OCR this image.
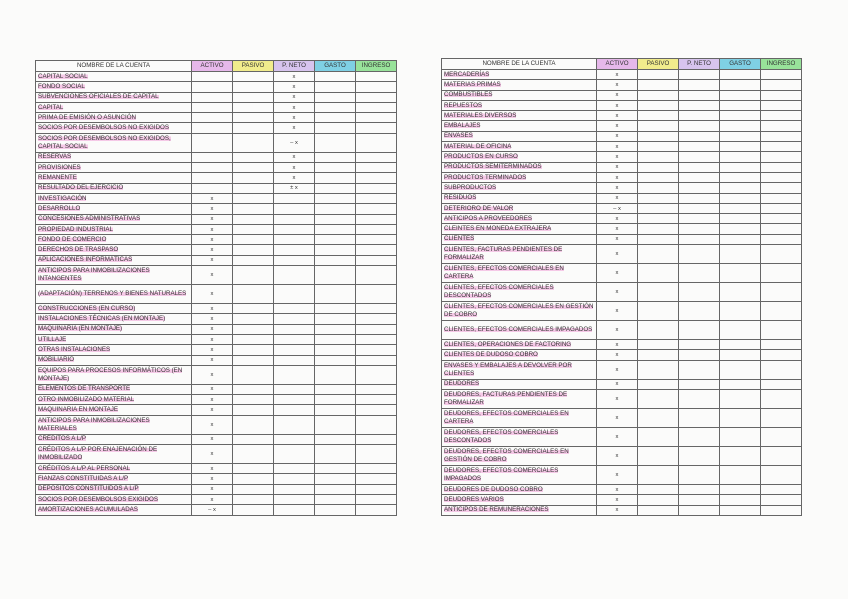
NOMBRE DE LA CUENTA	ACTIVO	PASIVO	P. NETO	GASTO	INGRESO
CAPITAL SOCIAL			x		
FONDO SOCIAL			x		
SUBVENCIONES OFICIALES DE CAPITAL			x		
CAPITAL			x		
PRIMA DE EMISIÓN O ASUNCIÓN			x		
SOCIOS POR DESEMBOLSOS NO EXIGIDOS			x		
SOCIOS POR DESEMBOLSOS NO EXIGIDOS, CAPITAL SOCIAL			– x		
RESERVAS			x		
PROVISIONES			x		
REMANENTE			x		
RESULTADO DEL EJERCICIO			± x		
INVESTIGACIÓN	x				
DESARROLLO	x				
CONCESIONES ADMINISTRATIVAS	x				
PROPIEDAD INDUSTRIAL	x				
FONDO DE COMERCIO	x				
DERECHOS DE TRASPASO	x				
APLICACIONES INFORMÁTICAS	x				
ANTICIPOS PARA INMOBILIZACIONES INTANGENTES	x				
(ADAPTACIÓN) TERRENOS Y BIENES NATURALES	x				
CONSTRUCCIONES (EN CURSO)	x				
INSTALACIONES TÉCNICAS (EN MONTAJE)	x				
MAQUINARIA (EN MONTAJE)	x				
UTILLAJE	x				
OTRAS INSTALACIONES	x				
MOBILIARIO	x				
EQUIPOS PARA PROCESOS INFORMÁTICOS (EN MONTAJE)	x				
ELEMENTOS DE TRANSPORTE	x				
OTRO INMOBILIZADO MATERIAL	x				
MAQUINARIA EN MONTAJE	x				
ANTICIPOS PARA INMOBILIZACIONES MATERIALES	x				
CRÉDITOS A L/P	x				
CRÉDITOS A L/P POR ENAJENACIÓN DE INMOBILIZADO	x				
CRÉDITOS A L/P AL PERSONAL	x				
FIANZAS CONSTITUIDAS A L/P	x				
DEPÓSITOS CONSTITUIDOS A L/P	x				
SOCIOS POR DESEMBOLSOS EXIGIDOS	x				
AMORTIZACIONES ACUMULADAS	– x				
NOMBRE DE LA CUENTA	ACTIVO	PASIVO	P. NETO	GASTO	INGRESO
MERCADERÍAS	x				
MATERIAS PRIMAS	x				
COMBUSTIBLES	x				
REPUESTOS	x				
MATERIALES DIVERSOS	x				
EMBALAJES	x				
ENVASES	x				
MATERIAL DE OFICINA	x				
PRODUCTOS EN CURSO	x				
PRODUCTOS SEMITERMINADOS	x				
PRODUCTOS TERMINADOS	x				
SUBPRODUCTOS	x				
RESIDUOS	x				
DETERIORO DE VALOR	– x				
ANTICIPOS A PROVEEDORES	x				
CLEINTES EN MONEDA EXTRAJERA	x				
CLIENTES	x				
CLIENTES, FACTURAS PENDIENTES DE FORMALIZAR	x				
CLIENTES, EFECTOS COMERCIALES EN CARTERA	x				
CLIENTES, EFECTOS COMERCIALES DESCONTADOS	x				
CLIENTES, EFECTOS COMERCIALES EN GESTIÓN DE COBRO	x				
CLIENTES, EFECTOS COMERCIALES IMPAGADOS	x				
CLIENTES, OPERACIONES DE FACTORING	x				
CLIENTES DE DUDOSO COBRO	x				
ENVASES Y EMBALAJES A DEVOLVER POR CLIENTES	x				
DEUDORES	x				
DEUDORES, FACTURAS PENDIENTES DE FORMALIZAR	x				
DEUDORES, EFECTOS COMERCIALES EN CARTERA	x				
DEUDORES, EFECTOS COMERCIALES DESCONTADOS	x				
DEUDORES, EFECTOS COMERCIALES EN GESTIÓN DE COBRO	x				
DEUDORES, EFECTOS COMERCIALES IMPAGADOS	x				
DEUDORES DE DUDOSO COBRO	x				
DEUDORES VARIOS	x				
ANTICIPOS DE REMUNERACIONES	x				
